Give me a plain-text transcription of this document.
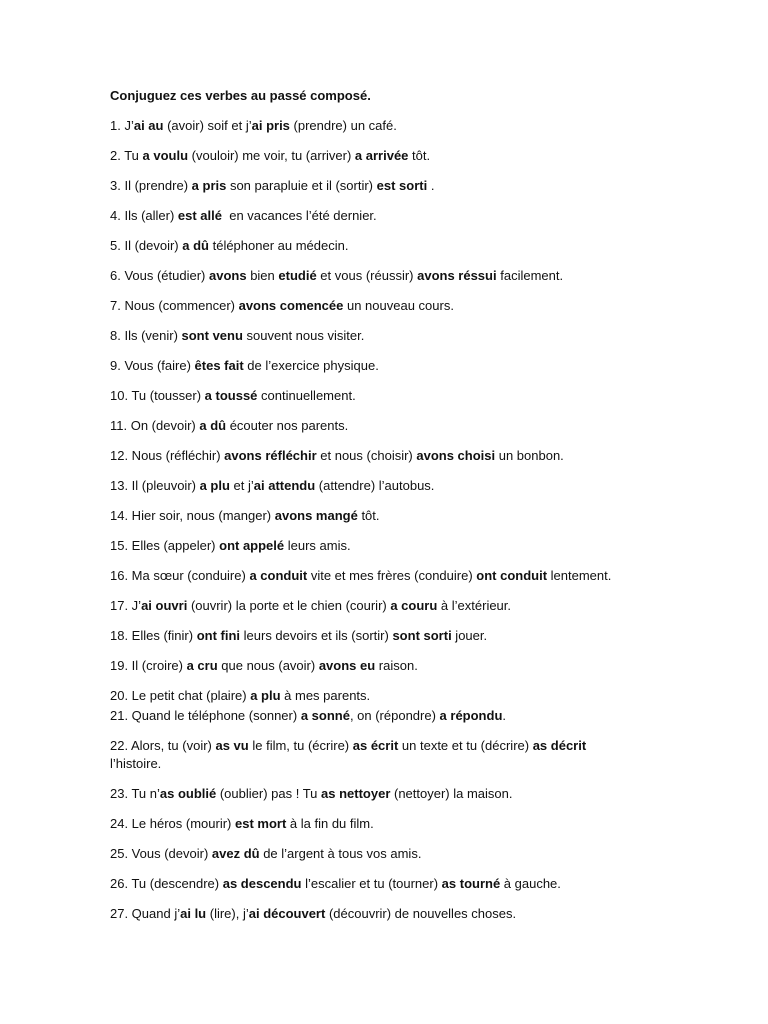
Conjuguez ces verbes au passé composé.
1. J’ai au (avoir) soif et j’ai pris (prendre) un café.
2. Tu a voulu (vouloir) me voir, tu (arriver) a arrivée tôt.
3. Il (prendre) a pris son parapluie et il (sortir) est sorti .
4. Ils (aller) est allé  en vacances l’été dernier.
5. Il (devoir) a dû téléphoner au médecin.
6. Vous (étudier) avons bien etudié et vous (réussir) avons réssui facilement.
7. Nous (commencer) avons comencée un nouveau cours.
8. Ils (venir) sont venu souvent nous visiter.
9. Vous (faire) êtes fait de l’exercice physique.
10. Tu (tousser) a toussé continuellement.
11. On (devoir) a dû écouter nos parents.
12. Nous (réfléchir) avons réfléchir et nous (choisir) avons choisi un bonbon.
13. Il (pleuvoir) a plu et j’ai attendu (attendre) l’autobus.
14. Hier soir, nous (manger) avons mangé tôt.
15. Elles (appeler) ont appelé leurs amis.
16. Ma sœur (conduire) a conduit vite et mes frères (conduire) ont conduit lentement.
17. J’ai ouvri (ouvrir) la porte et le chien (courir) a couru à l’extérieur.
18. Elles (finir) ont fini leurs devoirs et ils (sortir) sont sorti jouer.
19. Il (croire) a cru que nous (avoir) avons eu raison.
20. Le petit chat (plaire) a plu à mes parents.
21. Quand le téléphone (sonner) a sonné, on (répondre) a répondu.
22. Alors, tu (voir) as vu le film, tu (écrire) as écrit un texte et tu (décrire) as décrit
l’histoire.
23. Tu n’as oublié (oublier) pas ! Tu as nettoyer (nettoyer) la maison.
24. Le héros (mourir) est mort à la fin du film.
25. Vous (devoir) avez dû de l’argent à tous vos amis.
26. Tu (descendre) as descendu l’escalier et tu (tourner) as tourné à gauche.
27. Quand j’ai lu (lire), j’ai découvert (découvrir) de nouvelles choses.
